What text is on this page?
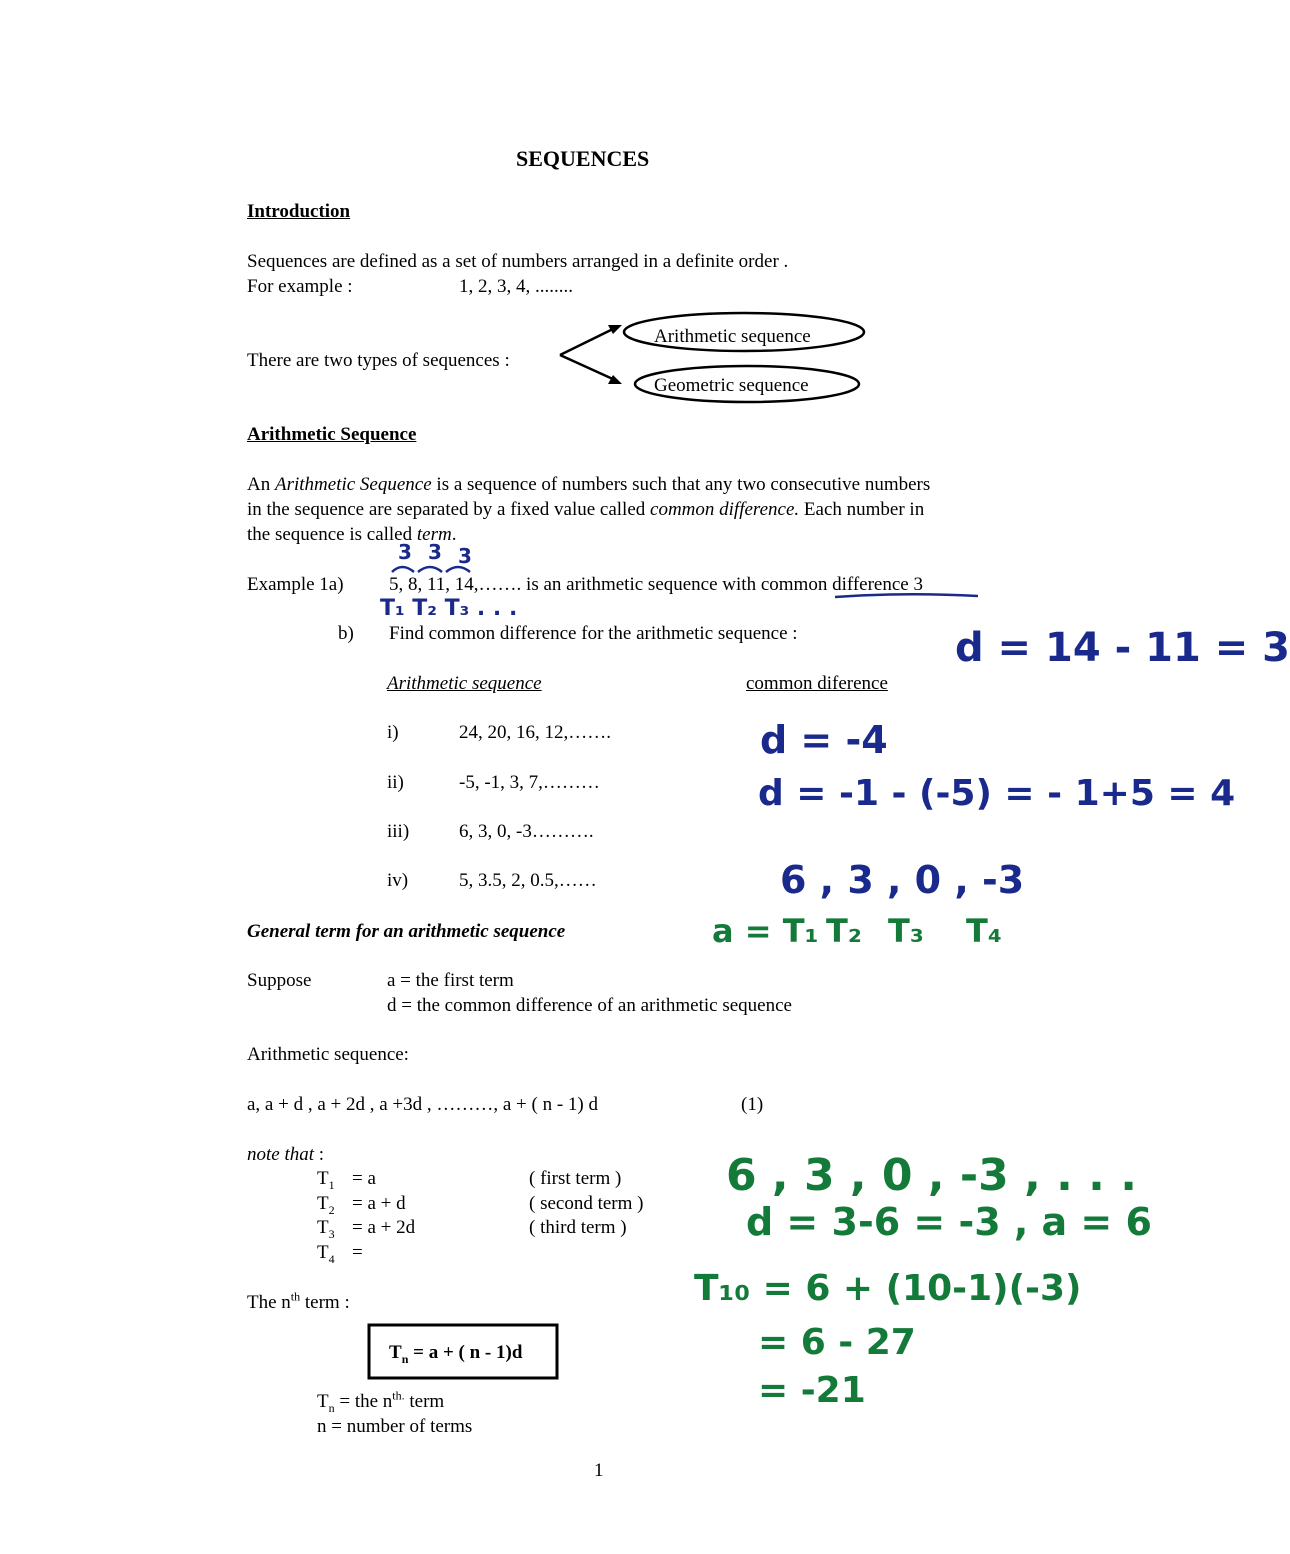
SEQUENCES
Introduction
Sequences are defined as a set of numbers arranged in a definite order .
For example :	1, 2, 3, 4, ........
There are two types of sequences :
Arithmetic sequence
Geometric sequence
Arithmetic Sequence
An Arithmetic Sequence is a sequence of numbers such that any two consecutive numbers
in the sequence are separated by a fixed value called common difference. Each number in
the sequence is called term.
Example 1a) 5, 8, 11, 14,……. is an arithmetic sequence with common difference 3
b) Find common difference for the arithmetic sequence :
Arithmetic sequence	common diference
i)	24, 20, 16, 12,…….
ii)	-5, -1, 3, 7,………
iii)	6, 3, 0, -3……….
iv)	5, 3.5, 2, 0.5,……
General term for an arithmetic sequence
Suppose	a = the first term
d = the common difference of an arithmetic sequence
Arithmetic sequence:
a, a + d , a + 2d , a +3d , ………, a + ( n - 1) d	(1)
note that :
$T_1 = a$	( first term )
$T_2 = a + d$	( second term )
$T_3 = a + 2d$	( third term )
$T_4$ =
The $n^{th}$ term :
$T_n = a$ + ( n - 1)d
$T_n$ = the $n^{th.}$ term
n = number of terms
1
3 3 3
T₁ T₂ T₃ . . .
d = 14 - 11 = 3
d = -4
d = -1 - (-5) = - 1+5 = 4
6 , 3 , 0 , -3
a = T₁ T₂ T₃ T₄
6 , 3 , 0 , -3 , . . .
d = 3-6 = -3 , a = 6
T₁₀ = 6 + (10-1)(-3)
= 6 - 27
= -21
